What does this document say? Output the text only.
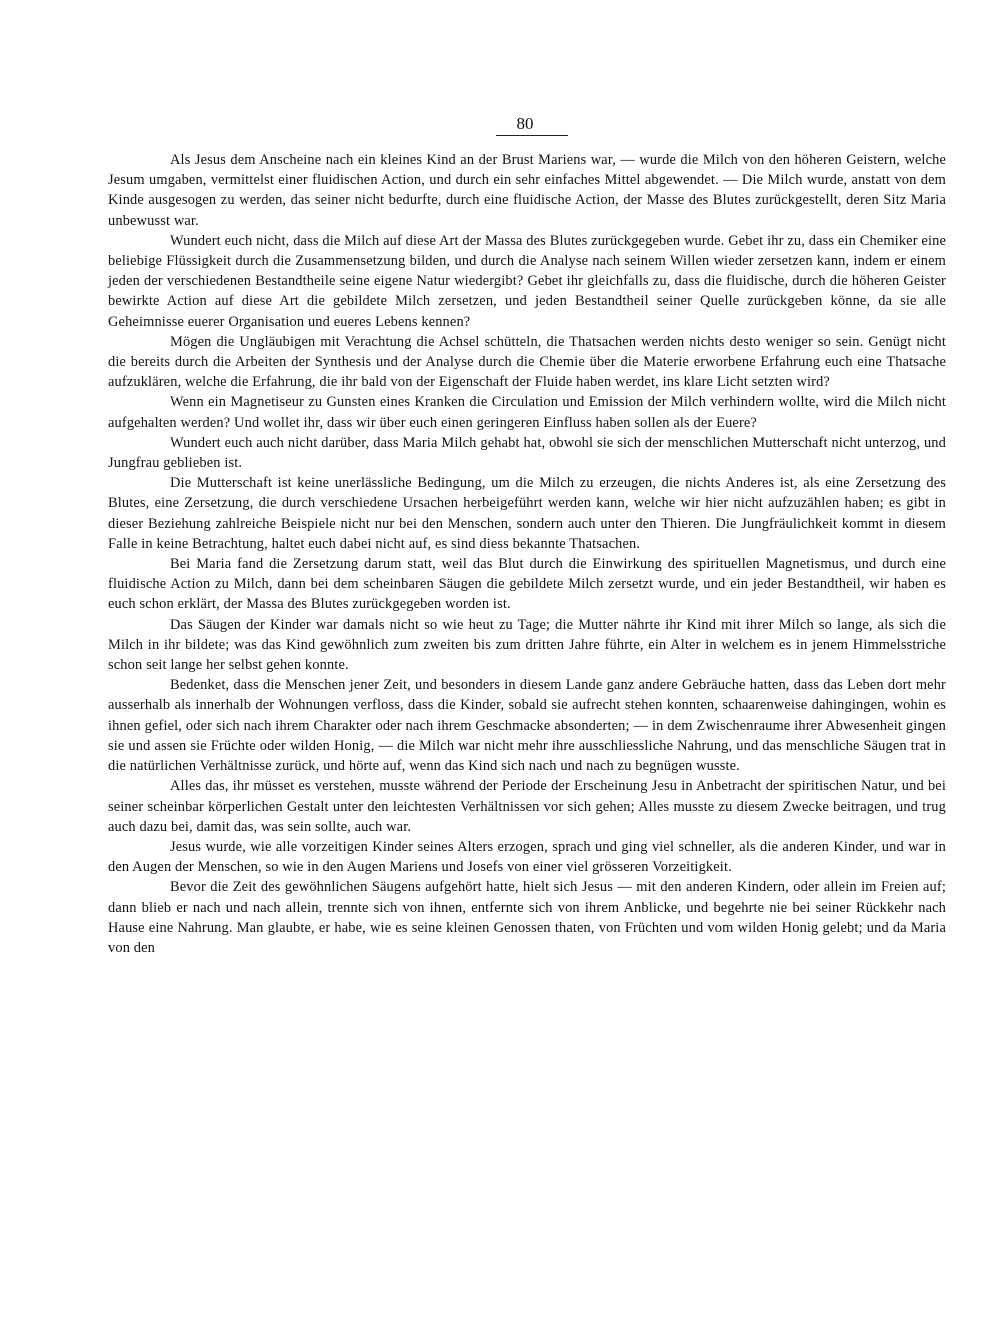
80

Als Jesus dem Anscheine nach ein kleines Kind an der Brust Mariens war, — wurde die Milch von den höheren Geistern, welche Jesum umgaben, vermittelst einer fluidischen Action, und durch ein sehr einfaches Mittel abgewendet. — Die Milch wurde, anstatt von dem Kinde ausgesogen zu werden, das seiner nicht bedurfte, durch eine fluidische Action, der Masse des Blutes zurückgestellt, deren Sitz Maria unbewusst war.

Wundert euch nicht, dass die Milch auf diese Art der Massa des Blutes zurückgegeben wurde. Gebet ihr zu, dass ein Chemiker eine beliebige Flüssigkeit durch die Zusammensetzung bilden, und durch die Analyse nach seinem Willen wieder zersetzen kann, indem er einem jeden der verschiedenen Bestandtheile seine eigene Natur wiedergibt? Gebet ihr gleichfalls zu, dass die fluidische, durch die höheren Geister bewirkte Action auf diese Art die gebildete Milch zersetzen, und jeden Bestandtheil seiner Quelle zurückgeben könne, da sie alle Geheimnisse euerer Organisation und eueres Lebens kennen?

Mögen die Ungläubigen mit Verachtung die Achsel schütteln, die Thatsachen werden nichts desto weniger so sein. Genügt nicht die bereits durch die Arbeiten der Synthesis und der Analyse durch die Chemie über die Materie erworbene Erfahrung euch eine Thatsache aufzuklären, welche die Erfahrung, die ihr bald von der Eigenschaft der Fluide haben werdet, ins klare Licht setzten wird?

Wenn ein Magnetiseur zu Gunsten eines Kranken die Circulation und Emission der Milch verhindern wollte, wird die Milch nicht aufgehalten werden? Und wollet ihr, dass wir über euch einen geringeren Einfluss haben sollen als der Euere?

Wundert euch auch nicht darüber, dass Maria Milch gehabt hat, obwohl sie sich der menschlichen Mutterschaft nicht unterzog, und Jungfrau geblieben ist.

Die Mutterschaft ist keine unerlässliche Bedingung, um die Milch zu erzeugen, die nichts Anderes ist, als eine Zersetzung des Blutes, eine Zersetzung, die durch verschiedene Ursachen herbeigeführt werden kann, welche wir hier nicht aufzuzählen haben; es gibt in dieser Beziehung zahlreiche Beispiele nicht nur bei den Menschen, sondern auch unter den Thieren. Die Jungfräulichkeit kommt in diesem Falle in keine Betrachtung, haltet euch dabei nicht auf, es sind diess bekannte Thatsachen.

Bei Maria fand die Zersetzung darum statt, weil das Blut durch die Einwirkung des spirituellen Magnetismus, und durch eine fluidische Action zu Milch, dann bei dem scheinbaren Säugen die gebildete Milch zersetzt wurde, und ein jeder Bestandtheil, wir haben es euch schon erklärt, der Massa des Blutes zurückgegeben worden ist.

Das Säugen der Kinder war damals nicht so wie heut zu Tage; die Mutter nährte ihr Kind mit ihrer Milch so lange, als sich die Milch in ihr bildete; was das Kind gewöhnlich zum zweiten bis zum dritten Jahre führte, ein Alter in welchem es in jenem Himmelsstriche schon seit lange her selbst gehen konnte.

Bedenket, dass die Menschen jener Zeit, und besonders in diesem Lande ganz andere Gebräuche hatten, dass das Leben dort mehr ausserhalb als innerhalb der Wohnungen verfloss, dass die Kinder, sobald sie aufrecht stehen konnten, schaarenweise dahingingen, wohin es ihnen gefiel, oder sich nach ihrem Charakter oder nach ihrem Geschmacke absonderten; — in dem Zwischenraume ihrer Abwesenheit gingen sie und assen sie Früchte oder wilden Honig, — die Milch war nicht mehr ihre ausschliessliche Nahrung, und das menschliche Säugen trat in die natürlichen Verhältnisse zurück, und hörte auf, wenn das Kind sich nach und nach zu begnügen wusste.

Alles das, ihr müsset es verstehen, musste während der Periode der Erscheinung Jesu in Anbetracht der spiritischen Natur, und bei seiner scheinbar körperlichen Gestalt unter den leichtesten Verhältnissen vor sich gehen; Alles musste zu diesem Zwecke beitragen, und trug auch dazu bei, damit das, was sein sollte, auch war.

Jesus wurde, wie alle vorzeitigen Kinder seines Alters erzogen, sprach und ging viel schneller, als die anderen Kinder, und war in den Augen der Menschen, so wie in den Augen Mariens und Josefs von einer viel grösseren Vorzeitigkeit.

Bevor die Zeit des gewöhnlichen Säugens aufgehört hatte, hielt sich Jesus — mit den anderen Kindern, oder allein im Freien auf; dann blieb er nach und nach allein, trennte sich von ihnen, entfernte sich von ihrem Anblicke, und begehrte nie bei seiner Rückkehr nach Hause eine Nahrung. Man glaubte, er habe, wie es seine kleinen Genossen thaten, von Früchten und vom wilden Honig gelebt; und da Maria von den
